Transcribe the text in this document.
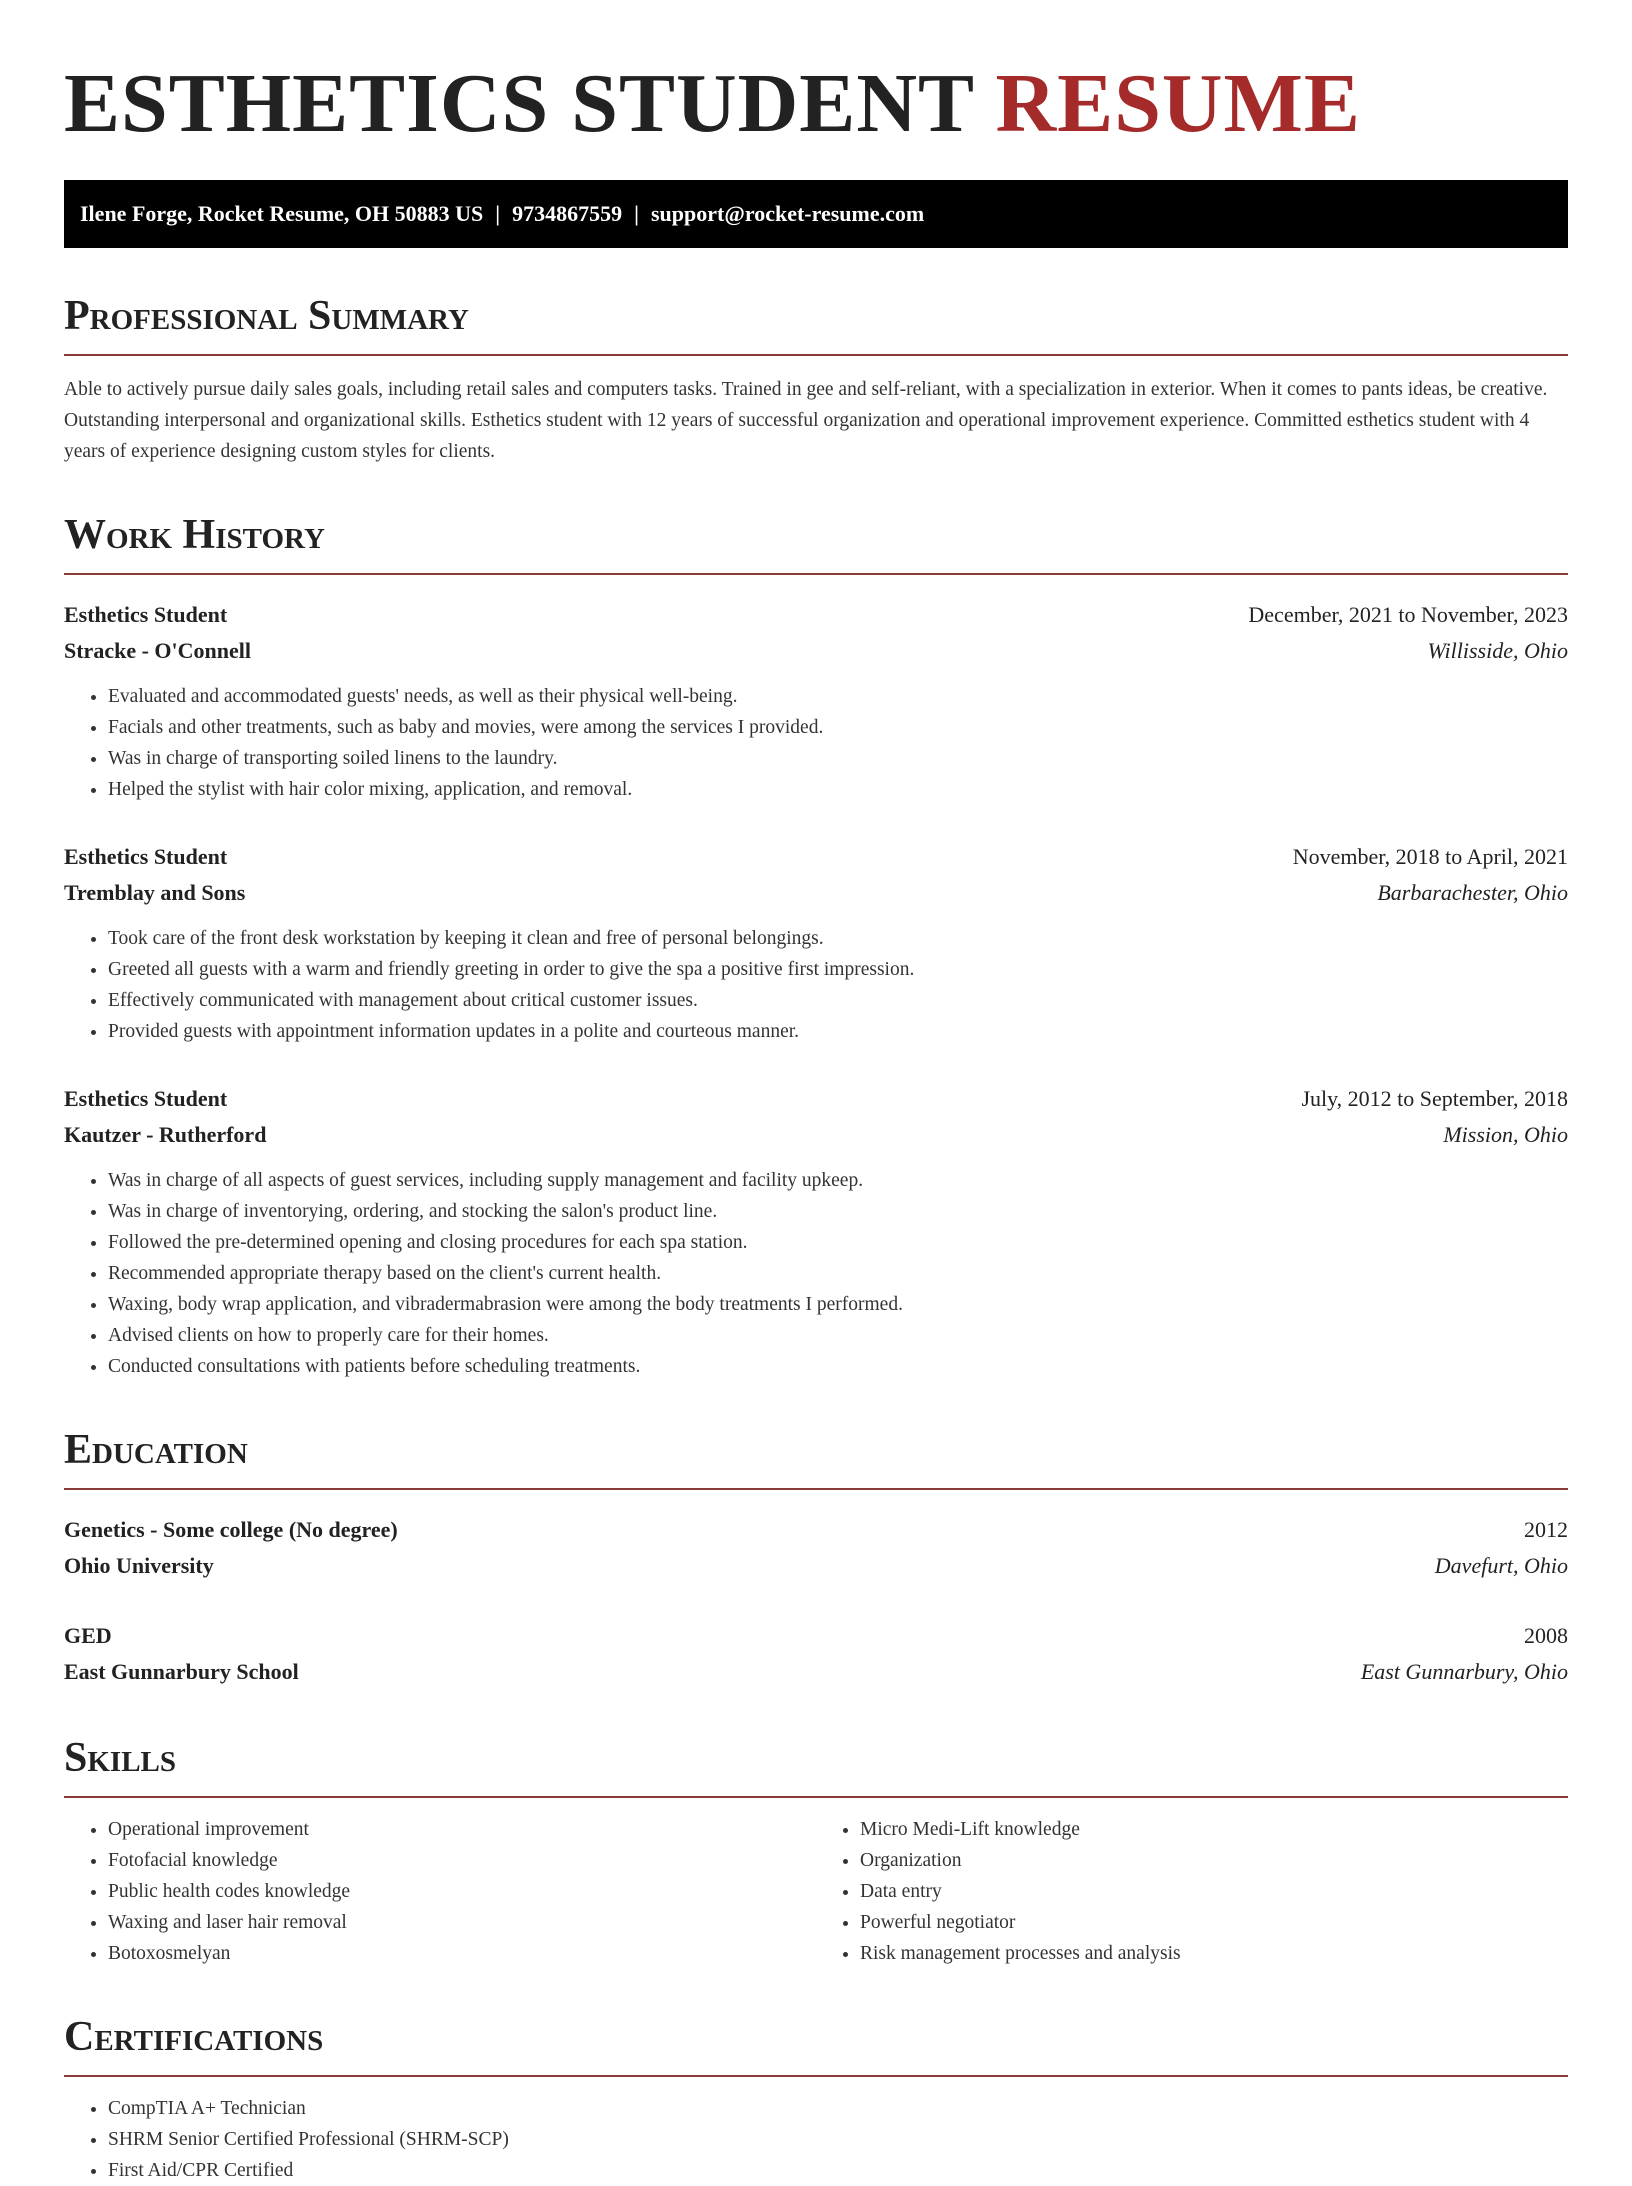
ESTHETICS STUDENT RESUME
Ilene Forge, Rocket Resume, OH 50883 US | 9734867559 | support@rocket-resume.com
Professional Summary

Able to actively pursue daily sales goals, including retail sales and computers tasks. Trained in gee and self-reliant, with a specialization in exterior. When it comes to pants ideas, be creative. Outstanding interpersonal and organizational skills. Esthetics student with 12 years of successful organization and operational improvement experience. Committed esthetics student with 4 years of experience designing custom styles for clients.

Work History
Esthetics Student	December, 2021 to November, 2023
Stracke - O'Connell	Willisside, Ohio
• Evaluated and accommodated guests' needs, as well as their physical well-being.
• Facials and other treatments, such as baby and movies, were among the services I provided.
• Was in charge of transporting soiled linens to the laundry.
• Helped the stylist with hair color mixing, application, and removal.
Esthetics Student	November, 2018 to April, 2021
Tremblay and Sons	Barbarachester, Ohio
• Took care of the front desk workstation by keeping it clean and free of personal belongings.
• Greeted all guests with a warm and friendly greeting in order to give the spa a positive first impression.
• Effectively communicated with management about critical customer issues.
• Provided guests with appointment information updates in a polite and courteous manner.
Esthetics Student	July, 2012 to September, 2018
Kautzer - Rutherford	Mission, Ohio
• Was in charge of all aspects of guest services, including supply management and facility upkeep.
• Was in charge of inventorying, ordering, and stocking the salon's product line.
• Followed the pre-determined opening and closing procedures for each spa station.
• Recommended appropriate therapy based on the client's current health.
• Waxing, body wrap application, and vibradermabrasion were among the body treatments I performed.
• Advised clients on how to properly care for their homes.
• Conducted consultations with patients before scheduling treatments.
Education
Genetics - Some college (No degree)	2012
Ohio University	Davefurt, Ohio
GED	2008
East Gunnarbury School	East Gunnarbury, Ohio
Skills
• Operational improvement
• Fotofacial knowledge
• Public health codes knowledge
• Waxing and laser hair removal
• Botoxosmelyan
• Micro Medi-Lift knowledge
• Organization
• Data entry
• Powerful negotiator
• Risk management processes and analysis
Certifications
• CompTIA A+ Technician
• SHRM Senior Certified Professional (SHRM-SCP)
• First Aid/CPR Certified
